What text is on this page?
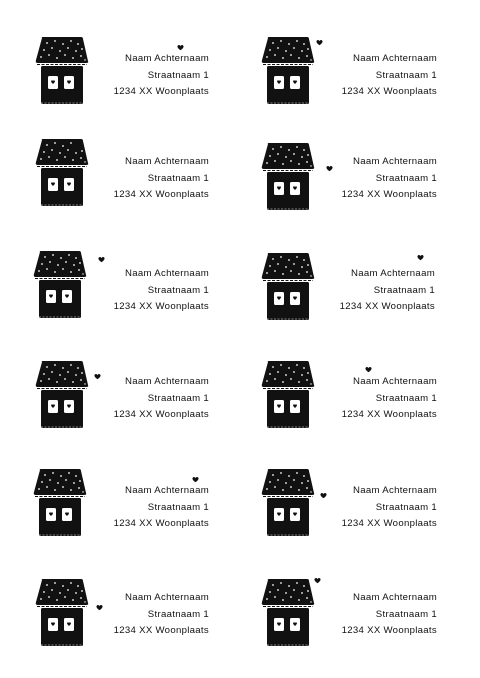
Naam Achternaam
Straatnaam 1
1234 XX Woonplaats
Naam Achternaam
Straatnaam 1
1234 XX Woonplaats
Naam Achternaam
Straatnaam 1
1234 XX Woonplaats
Naam Achternaam
Straatnaam 1
1234 XX Woonplaats
Naam Achternaam
Straatnaam 1
1234 XX Woonplaats
Naam Achternaam
Straatnaam 1
1234 XX Woonplaats
Naam Achternaam
Straatnaam 1
1234 XX Woonplaats
Naam Achternaam
Straatnaam 1
1234 XX Woonplaats
Naam Achternaam
Straatnaam 1
1234 XX Woonplaats
Naam Achternaam
Straatnaam 1
1234 XX Woonplaats
Naam Achternaam
Straatnaam 1
1234 XX Woonplaats
Naam Achternaam
Straatnaam 1
1234 XX Woonplaats
